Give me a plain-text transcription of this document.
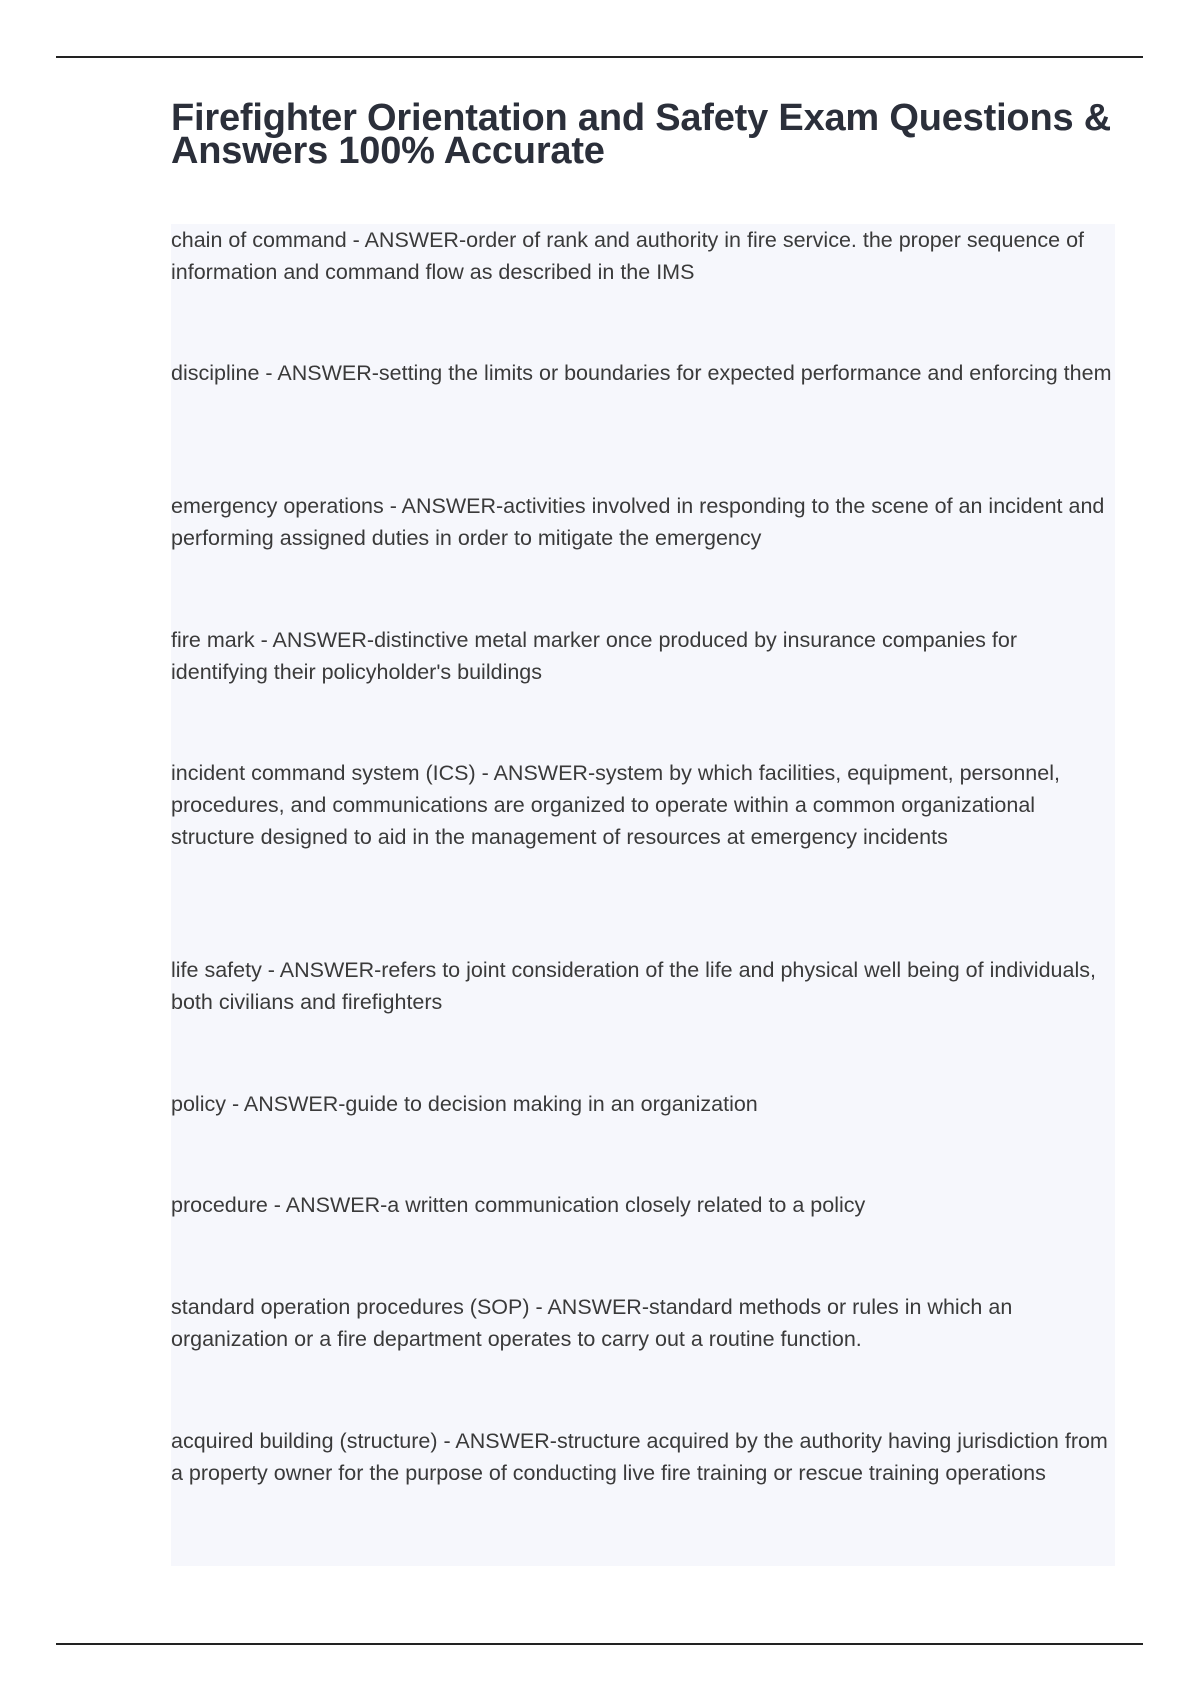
Firefighter Orientation and Safety Exam Questions & Answers 100% Accurate

chain of command - ANSWER-order of rank and authority in fire service. the proper sequence of information and command flow as described in the IMS

discipline - ANSWER-setting the limits or boundaries for expected performance and enforcing them

emergency operations - ANSWER-activities involved in responding to the scene of an incident and performing assigned duties in order to mitigate the emergency

fire mark - ANSWER-distinctive metal marker once produced by insurance companies for identifying their policyholder's buildings

incident command system (ICS) - ANSWER-system by which facilities, equipment, personnel, procedures, and communications are organized to operate within a common organizational structure designed to aid in the management of resources at emergency incidents

life safety - ANSWER-refers to joint consideration of the life and physical well being of individuals, both civilians and firefighters

policy - ANSWER-guide to decision making in an organization

procedure - ANSWER-a written communication closely related to a policy

standard operation procedures (SOP) - ANSWER-standard methods or rules in which an organization or a fire department operates to carry out a routine function.

acquired building (structure) - ANSWER-structure acquired by the authority having jurisdiction from a property owner for the purpose of conducting live fire training or rescue training operations
